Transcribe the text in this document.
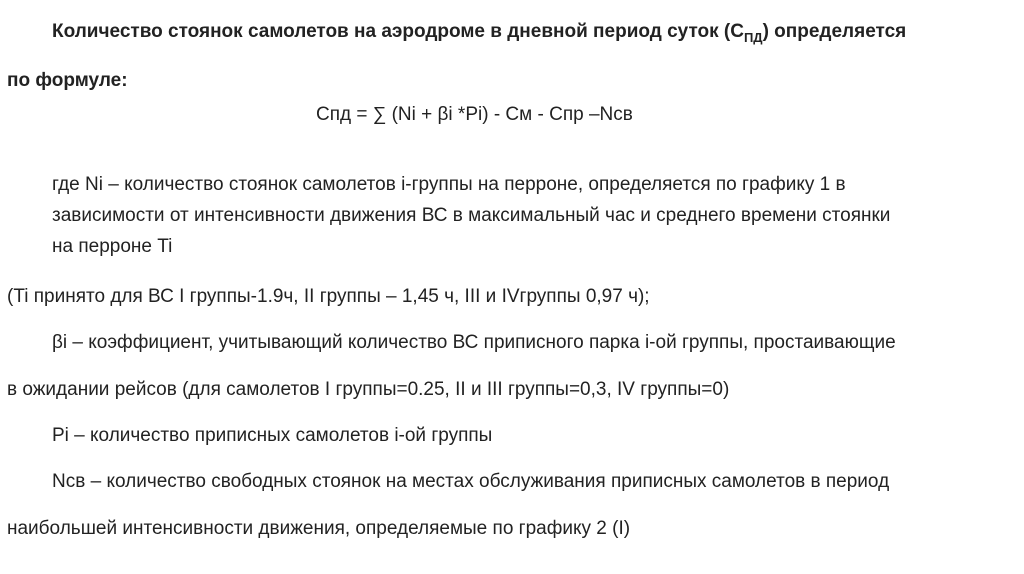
Количество стоянок самолетов на аэродроме в дневной период суток $(С_{ПД})$ определяется
по формуле:
Спд = ∑ (Ni + βi *Pi) - См - Спр –Nсв
где Ni – количество стоянок самолетов i-группы на перроне, определяется по графику 1 в
зависимости от интенсивности движения ВС в максимальный час и среднего времени стоянки
на перроне Ti
(Ti принято для ВС I группы-1.9ч, II группы – 1,45 ч, III и IVгруппы 0,97 ч);
βi – коэффициент, учитывающий количество ВС приписного парка i-ой группы, простаивающие
в ожидании рейсов (для самолетов I группы=0.25, II и III группы=0,3, IV группы=0)
Pi – количество приписных самолетов i-ой группы
Nсв – количество свободных стоянок на местах обслуживания приписных самолетов в период
наибольшей интенсивности движения, определяемые по графику 2 (I)
